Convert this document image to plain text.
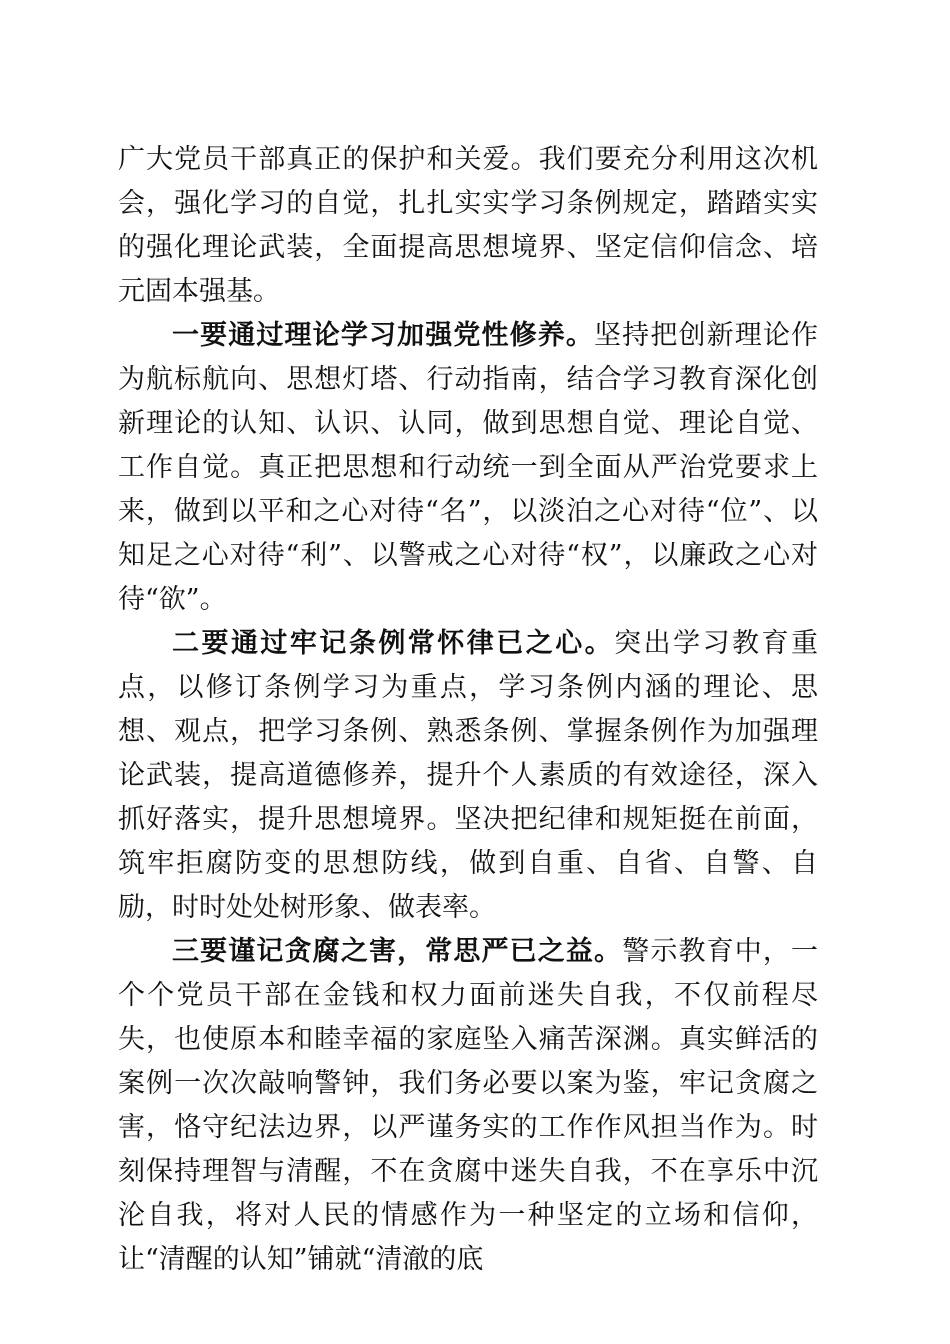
广大党员干部真正的保护和关爱。我们要充分利用这次机会，强化学习的自觉，扎扎实实学习条例规定，踏踏实实的强化理论武装，全面提高思想境界、坚定信仰信念、培元固本强基。

一要通过理论学习加强党性修养。坚持把创新理论作为航标航向、思想灯塔、行动指南，结合学习教育深化创新理论的认知、认识、认同，做到思想自觉、理论自觉、工作自觉。真正把思想和行动统一到全面从严治党要求上来，做到以平和之心对待“名”，以淡泊之心对待“位”、以知足之心对待“利”、以警戒之心对待“权”，以廉政之心对待“欲”。

二要通过牢记条例常怀律已之心。突出学习教育重点，以修订条例学习为重点，学习条例内涵的理论、思想、观点，把学习条例、熟悉条例、掌握条例作为加强理论武装，提高道德修养，提升个人素质的有效途径，深入抓好落实，提升思想境界。坚决把纪律和规矩挺在前面，筑牢拒腐防变的思想防线，做到自重、自省、自警、自励，时时处处树形象、做表率。

三要谨记贪腐之害，常思严已之益。警示教育中，一个个党员干部在金钱和权力面前迷失自我，不仅前程尽失，也使原本和睦幸福的家庭坠入痛苦深渊。真实鲜活的案例一次次敲响警钟，我们务必要以案为鉴，牢记贪腐之害，恪守纪法边界，以严谨务实的工作作风担当作为。时刻保持理智与清醒，不在贪腐中迷失自我，不在享乐中沉沦自我，将对人民的情感作为一种坚定的立场和信仰，让“清醒的认知”铺就“清澈的底
